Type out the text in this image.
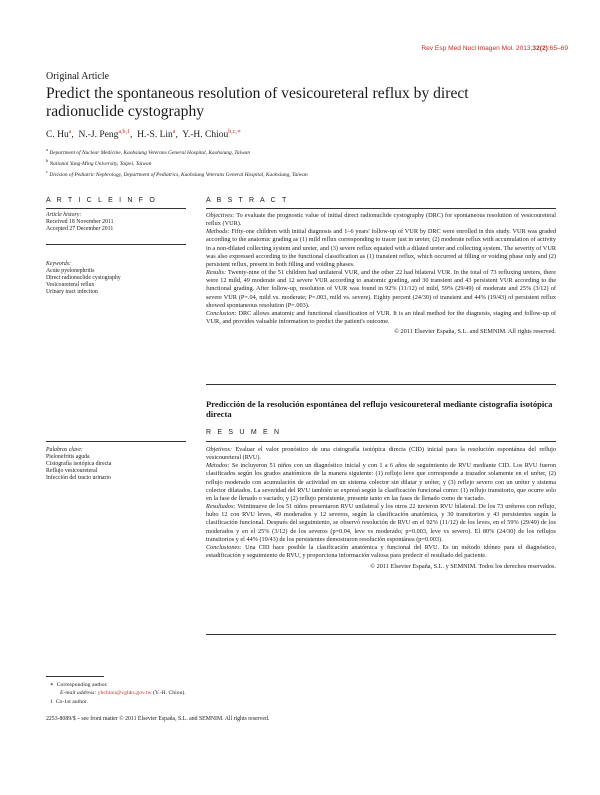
Rev Esp Med Nucl Imagen Mol. 2013;32(2):65–69
Original Article
Predict the spontaneous resolution of vesicoureteral reflux by direct radionuclide cystography
C. Hu$^a$,  N.-J. Peng$^{a,b,1}$,  H.-S. Lin$^a$,  Y.-H. Chiou$^{b,c,∗}$
$^a$ Department of Nuclear Medicine, Kaohsiung Veterans General Hospital, Kaohsiung, Taiwan
$^b$ National Yang-Ming University, Taipei, Taiwan
$^c$ Division of Pediatric Nephrology, Department of Pediatrics, Kaohsiung Veterans General Hospital, Kaohsiung, Taiwan
A R T I C L E I N F O
Article history:
Received 18 November 2011
Accepted 27 December 2011
Keywords:
Acute pyelonephritis
Direct radionuclide cystography
Vesicoureteral reflux
Urinary tract infection
A B S T R A C T

Objectives: To evaluate the prognostic value of initial direct radionuclide cystography (DRC) for spontaneous resolution of vesicoureteral reflux (VUR).

Methods: Fifty-one children with initial diagnosis and 1–6 years' follow-up of VUR by DRC were enrolled in this study. VUR was graded according to the anatomic grading as (1) mild reflux corresponding to tracer just in ureter, (2) moderate reflux with accumulation of activity in a non-dilated collecting system and ureter, and (3) severe reflux equated with a dilated ureter and collecting system. The severity of VUR was also expressed according to the functional classification as (1) transient reflux, which occurred at filling or voiding phase only and (2) persistent reflux, present in both filling and voiding phases.

Results: Twenty-nine of the 51 children had unilateral VUR, and the other 22 had bilateral VUR. In the total of 73 refluxing ureters, there were 12 mild, 49 moderate and 12 severe VUR according to anatomic grading, and 30 transient and 43 persistent VUR according to the functional grading. After follow-up, resolution of VUR was found in 92% (11/12) of mild, 59% (29/49) of moderate and 25% (3/12) of severe VUR (P=.04, mild vs. moderate; P=.003, mild vs. severe). Eighty percent (24/30) of transient and 44% (19/43) of persistent reflux showed spontaneous resolution (P=.003).

Conclusion: DRC allows anatomic and functional classification of VUR. It is an ideal method for the diagnosis, staging and follow-up of VUR, and provides valuable information to predict the patient's outcome.

© 2011 Elsevier España, S.L. and SEMNIM. All rights reserved.

Predicción de la resolución espontánea del reflujo vesicoureteral mediante cistografía isotópica directa
R E S U M E N
Palabras clave:
Pielonefritis aguda
Cistografía isotópica directa
Reflujo vesicoureteral
Infección del tracto urinario

Objetivos: Evaluar el valor pronóstico de una cistografía isotópica directa (CID) inicial para la resolución espontánea del reflujo vesicoureteral (RVU).

Métodos: Se incluyeron 51 niños con un diagnóstico inicial y con 1 a 6 años de seguimiento de RVU mediante CID. Los RVU fueron clasificados según los grados anatómicos de la manera siguiente: (1) reflujo leve que corresponde a trazador solamente en el uréter, (2) reflujo moderado con acumulación de actividad en un sistema colector sin dilatar y uréter, y (3) reflejo severo con un uréter y sistema colector dilatados. La severidad del RVU también se expresó según la clasificación funcional como: (1) reflujo transitorio, que ocurre solo en la fase de llenado o vaciado, y (2) reflujo persistente, presente tanto en las fases de llenado como de vaciado.

Resultados: Veintinueve de los 51 niños presentaron RVU unilateral y los otros 22 tuvieron RVU bilateral. De los 73 uréteres con reflujo, hubo 12 con RVU leves, 49 moderados y 12 severos, según la clasificación anatómica, y 30 transitorios y 43 persistentes según la clasificación funcional. Después del seguimiento, se observó resolución de RVU en el 92% (11/12) de los leves, en el 59% (29/49) de los moderados y en el 25% (3/12) de los severos (p=0.04, leve vs moderado; p=0.003, leve vs severo). El 80% (24/30) de los reflujos transitorios y el 44% (19/43) de los persistentes demostraron resolución espontánea (p=0.003).

Conclusiones: Una CID hace posible la clasificación anatómica y funcional del RVU. Es un método idóneo para el diagnóstico, estadificación y seguimiento de RVU, y proporciona información valiosa para predecir el resultado del paciente.

© 2011 Elsevier España, S.L. y SEMNIM. Todos los derechos reservados.

∗ Corresponding author.
E-mail address: yhchiou@vghks.gov.tw (Y.-H. Chiou).
1 Co-1st author.
2253-8089/$ – see front matter © 2011 Elsevier España, S.L. and SEMNIM. All rights reserved.
